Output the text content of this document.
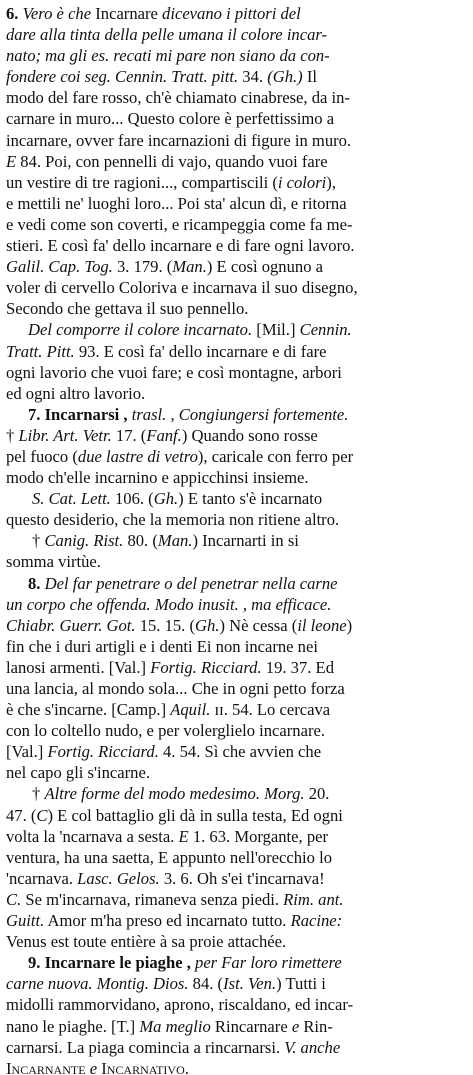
6. Vero è che Incarnare dicevano i pittori del
dare alla tinta della pelle umana il colore incar-
nato; ma gli es. recati mi pare non siano da con-
fondere coi seg. Cennin. Tratt. pitt. 34. (Gh.) Il
modo del fare rosso, ch'è chiamato cinabrese, da in-
carnare in muro... Questo colore è perfettissimo a
incarnare, ovver fare incarnazioni di figure in muro.
E 84. Poi, con pennelli di vajo, quando vuoi fare
un vestire di tre ragioni..., compartiscili (i colori),
e mettili ne' luoghi loro... Poi sta' alcun dì, e ritorna
e vedi come son coverti, e ricampeggia come fa me-
stieri. E così fa' dello incarnare e di fare ogni lavoro.
Galil. Cap. Tog. 3. 179. (Man.) E così ognuno a
voler di cervello Coloriva e incarnava il suo disegno,
Secondo che gettava il suo pennello.
Del comporre il colore incarnato. [Mil.] Cennin.
Tratt. Pitt. 93. E così fa' dello incarnare e di fare
ogni lavorio che vuoi fare; e così montagne, arbori
ed ogni altro lavorio.
7. Incarnarsi , trasl. , Congiungersi fortemente.
† Libr. Art. Vetr. 17. (Fanf.) Quando sono rosse
pel fuoco (due lastre di vetro), caricale con ferro per
modo ch'elle incarnino e appicchinsi insieme.
S. Cat. Lett. 106. (Gh.) E tanto s'è incarnato
questo desiderio, che la memoria non ritiene altro.
† Canig. Rist. 80. (Man.) Incarnarti in si
somma virtùe.
8. Del far penetrare o del penetrar nella carne
un corpo che offenda. Modo inusit. , ma efficace.
Chiabr. Guerr. Got. 15. 15. (Gh.) Nè cessa (il leone)
fin che i duri artigli e i denti Ei non incarne nei
lanosi armenti. [Val.] Fortig. Ricciard. 19. 37. Ed
una lancia, al mondo sola... Che in ogni petto forza
è che s'incarne. [Camp.] Aquil. ɪɪ. 54. Lo cercava
con lo coltello nudo, e per volerglielo incarnare.
[Val.] Fortig. Ricciard. 4. 54. Sì che avvien che
nel capo gli s'incarne.
† Altre forme del modo medesimo. Morg. 20.
47. (C) E col battaglio gli dà in sulla testa, Ed ogni
volta la 'ncarnava a sesta. E 1. 63. Morgante, per
ventura, ha una saetta, E appunto nell'orecchio lo
'ncarnava. Lasc. Gelos. 3. 6. Oh s'ei t'incarnava!
C. Se m'incarnava, rimaneva senza piedi. Rim. ant.
Guitt. Amor m'ha preso ed incarnato tutto. Racine:
Venus est toute entière à sa proie attachée.
9. Incarnare le piaghe , per Far loro rimettere
carne nuova. Montig. Dios. 84. (Ist. Ven.) Tutti i
midolli rammorvidano, aprono, riscaldano, ed incar-
nano le piaghe. [T.] Ma meglio Rincarnare e Rin-
carnarsi. La piaga comincia a rincarnarsi. V. anche
Incarnante e Incarnativo.
